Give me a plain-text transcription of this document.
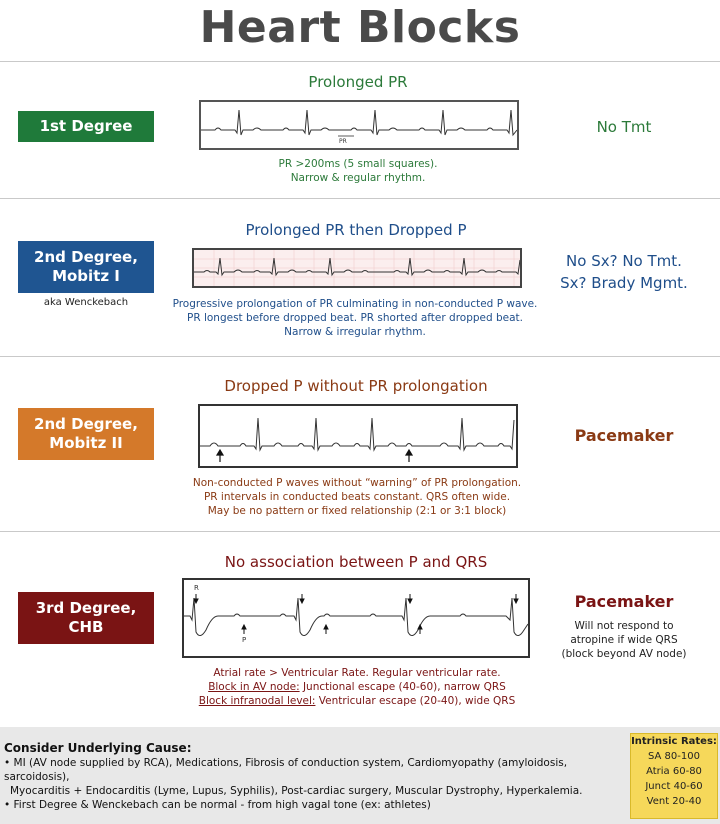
Heart Blocks
1st Degree
Prolonged PR
PR
PR >200ms (5 small squares).
Narrow & regular rhythm.
No Tmt
2nd Degree,
Mobitz I
aka Wenckebach
Prolonged PR then Dropped P
Progressive prolongation of PR culminating in non-conducted P wave.
PR longest before dropped beat. PR shorted after dropped beat.
Narrow & irregular rhythm.
No Sx? No Tmt.
Sx? Brady Mgmt.
2nd Degree,
Mobitz II
Dropped P without PR prolongation
Non-conducted P waves without “warning” of PR prolongation.
PR intervals in conducted beats constant. QRS often wide.
May be no pattern or fixed relationship (2:1 or 3:1 block)
Pacemaker
3rd Degree,
CHB
No association between P and QRS
R
P
Atrial rate > Ventricular Rate. Regular ventricular rate.
Block in AV node: Junctional escape (40-60), narrow QRS
Block infranodal level: Ventricular escape (20-40), wide QRS
Pacemaker
Will not respond to
atropine if wide QRS
(block beyond AV node)
Consider Underlying Cause:
• MI (AV node supplied by RCA), Medications, Fibrosis of conduction system, Cardiomyopathy (amyloidosis, sarcoidosis),
Myocarditis + Endocarditis (Lyme, Lupus, Syphilis), Post-cardiac surgery, Muscular Dystrophy, Hyperkalemia.
• First Degree & Wenckebach can be normal - from high vagal tone (ex: athletes)
Intrinsic Rates:
SA 80-100
Atria 60-80
Junct 40-60
Vent 20-40
